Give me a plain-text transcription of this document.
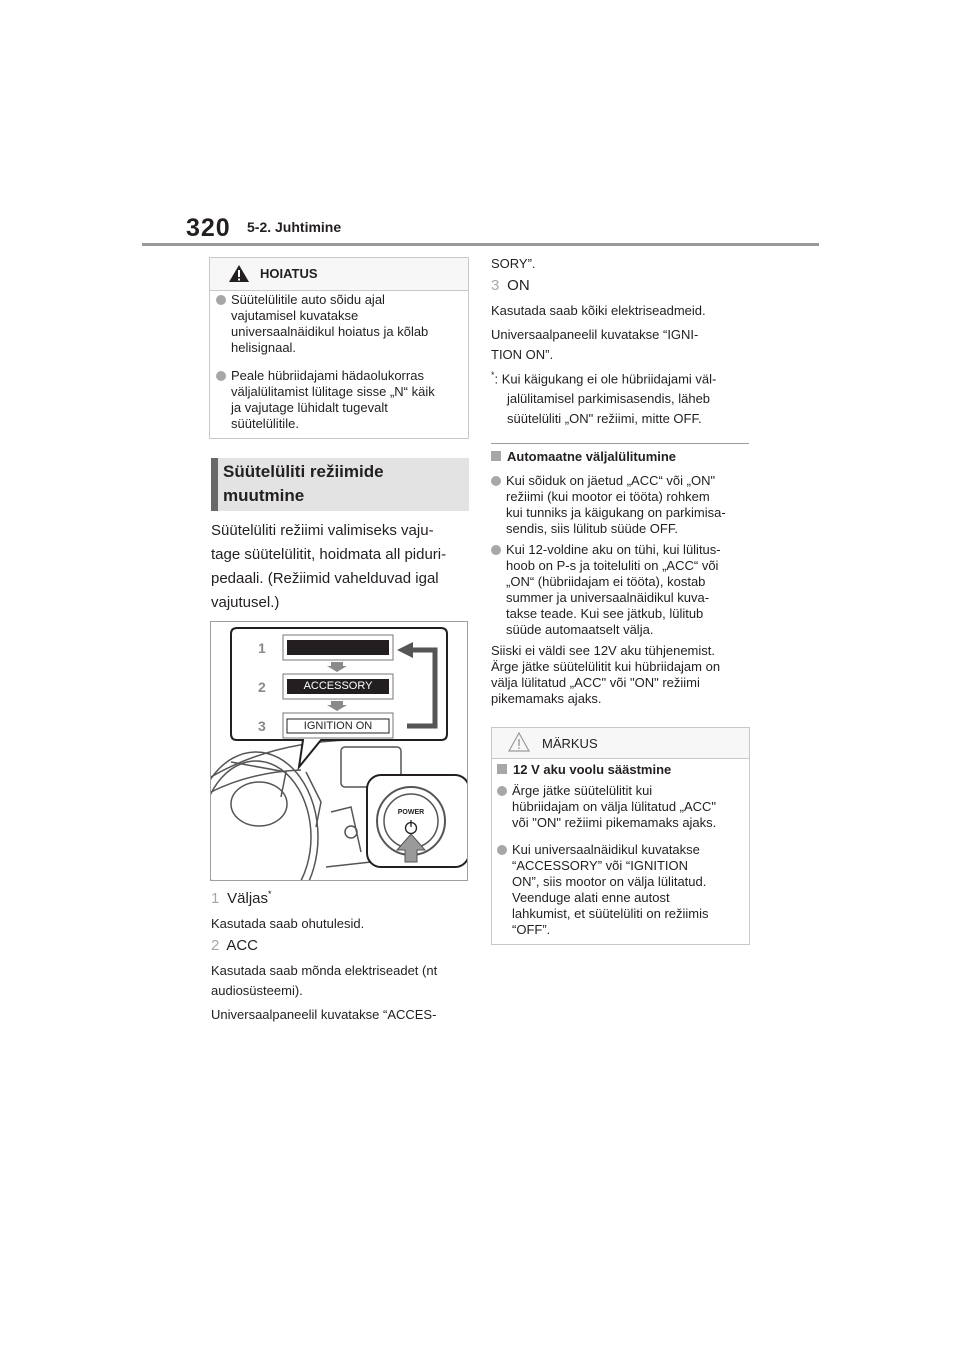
320 5-2. Juhtimine
HOIATUS
Süütelülitile auto sõidu ajal
vajutamisel kuvatakse
universaalnäidikul hoiatus ja kõlab
helisignaal.
Peale hübriidajami hädaolukorras
väljalülitamist lülitage sisse „N“ käik
ja vajutage lühidalt tugevalt
süütelülitile.
Süütelüliti režiimide
muutmine
Süütelüliti režiimi valimiseks vaju-
tage süütelülitit, hoidmata all piduri-
pedaali. (Režiimid vahelduvad igal
vajutusel.)
1
2
3
ACCESSORY
IGNITION ON
POWER
1 Väljas*
Kasutada saab ohutulesid.
2 ACC
Kasutada saab mõnda elektriseadet (nt
audiosüsteemi).
Universaalpaneelil kuvatakse “ACCES-
SORY”.
3 ON
Kasutada saab kõiki elektriseadmeid.
Universaalpaneelil kuvatakse “IGNI-
TION ON”.
*: Kui käigukang ei ole hübriidajami väl-
jalülitamisel parkimisasendis, läheb
süütelüliti „ON" režiimi, mitte OFF.
Automaatne väljalülitumine
Kui sõiduk on jäetud „ACC“ või „ON"
režiimi (kui mootor ei tööta) rohkem
kui tunniks ja käigukang on parkimisa-
sendis, siis lülitub süüde OFF.
Kui 12-voldine aku on tühi, kui lülitus-
hoob on P-s ja toiteluliti on „ACC“ või
„ON“ (hübriidajam ei tööta), kostab
summer ja universaalnäidikul kuva-
takse teade. Kui see jätkub, lülitub
süüde automaatselt välja.
Siiski ei väldi see 12V aku tühjenemist.
Ärge jätke süütelülitit kui hübriidajam on
välja lülitatud „ACC" või "ON" režiimi
pikemamaks ajaks.
MÄRKUS
12 V aku voolu säästmine
Ärge jätke süütelülitit kui
hübriidajam on välja lülitatud „ACC"
või "ON" režiimi pikemamaks ajaks.
Kui universaalnäidikul kuvatakse
“ACCESSORY” või “IGNITION
ON”, siis mootor on välja lülitatud.
Veenduge alati enne autost
lahkumist, et süütelüliti on režiimis
“OFF”.
